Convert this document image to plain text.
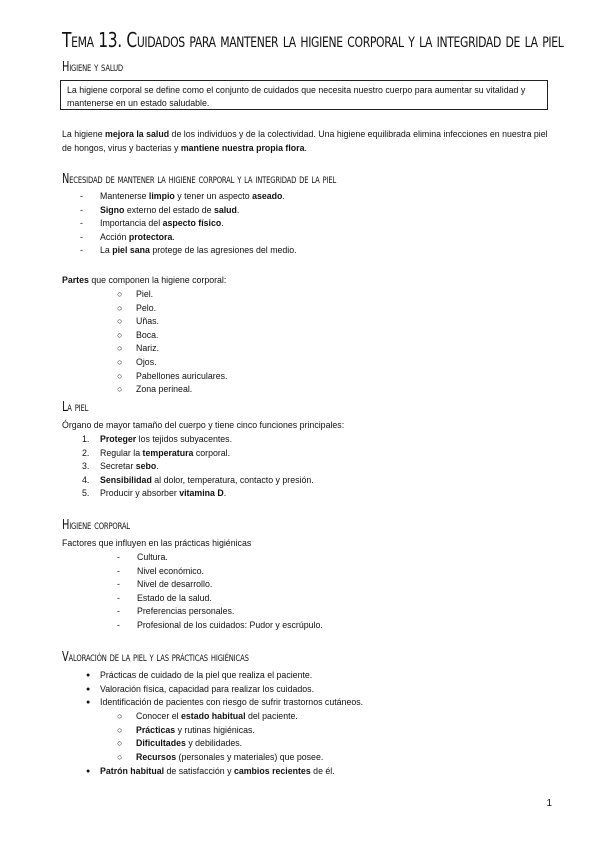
Tema 13. Cuidados para mantener la higiene corporal y la integridad de la piel
Higiene y salud
La higiene corporal se define como el conjunto de cuidados que necesita nuestro cuerpo para aumentar su vitalidad y mantenerse en un estado saludable.
La higiene mejora la salud de los individuos y de la colectividad. Una higiene equilibrada elimina infecciones en nuestra piel de hongos, virus y bacterias y mantiene nuestra propia flora.
Necesidad de mantener la higiene corporal y la integridad de la piel
- Mantenerse limpio y tener un aspecto aseado.
- Signo externo del estado de salud.
- Importancia del aspecto físico.
- Acción protectora.
- La piel sana protege de las agresiones del medio.
Partes que componen la higiene corporal:
○ Piel.
○ Pelo.
○ Uñas.
○ Boca.
○ Nariz.
○ Ojos.
○ Pabellones auriculares.
○ Zona perineal.
La piel
Órgano de mayor tamaño del cuerpo y tiene cinco funciones principales:
1. Proteger los tejidos subyacentes.
2. Regular la temperatura corporal.
3. Secretar sebo.
4. Sensibilidad al dolor, temperatura, contacto y presión.
5. Producir y absorber vitamina D.
Higiene corporal
Factores que influyen en las prácticas higiénicas
- Cultura.
- Nivel económico.
- Nivel de desarrollo.
- Estado de la salud.
- Preferencias personales.
- Profesional de los cuidados: Pudor y escrúpulo.
Valoración de la piel y las prácticas higiénicas
● Prácticas de cuidado de la piel que realiza el paciente.
● Valoración física, capacidad para realizar los cuidados.
● Identificación de pacientes con riesgo de sufrir trastornos cutáneos.
○ Conocer el estado habitual del paciente.
○ Prácticas y rutinas higiénicas.
○ Dificultades y debilidades.
○ Recursos (personales y materiales) que posee.
● Patrón habitual de satisfacción y cambios recientes de él.
1
